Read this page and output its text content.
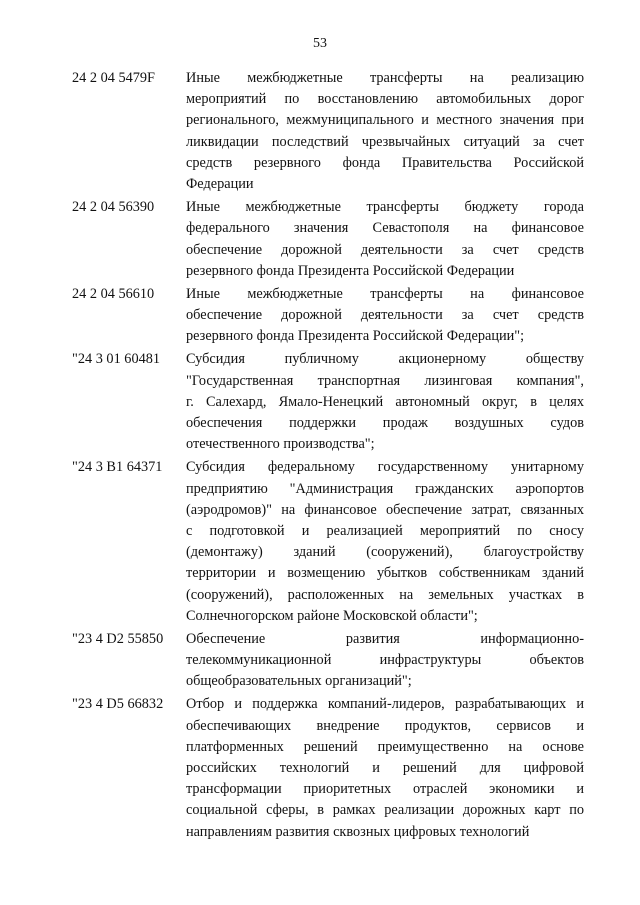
53
24 2 04 5479F	Иные межбюджетные трансферты на реализацию
мероприятий по восстановлению автомобильных дорог
регионального, межмуниципального и местного значения при
ликвидации последствий чрезвычайных ситуаций за счет
средств резервного фонда Правительства Российской
Федерации
24 2 04 56390	Иные межбюджетные трансферты бюджету города
федерального значения Севастополя на финансовое
обеспечение дорожной деятельности за счет средств
резервного фонда Президента Российской Федерации
24 2 04 56610	Иные межбюджетные трансферты на финансовое
обеспечение дорожной деятельности за счет средств
резервного фонда Президента Российской Федерации";
"24 3 01 60481	Субсидия публичному акционерному обществу
"Государственная транспортная лизинговая компания",
г. Салехард, Ямало-Ненецкий автономный округ, в целях
обеспечения поддержки продаж воздушных судов
отечественного производства";
"24 3 В1 64371	Субсидия федеральному государственному унитарному
предприятию "Администрация гражданских аэропортов
(аэродромов)" на финансовое обеспечение затрат, связанных
с подготовкой и реализацией мероприятий по сносу
(демонтажу) зданий (сооружений), благоустройству
территории и возмещению убытков собственникам зданий
(сооружений), расположенных на земельных участках в
Солнечногорском районе Московской области";
"23 4 D2 55850	Обеспечение развития информационно-
телекоммуникационной инфраструктуры объектов
общеобразовательных организаций";
"23 4 D5 66832	Отбор и поддержка компаний-лидеров, разрабатывающих и
обеспечивающих внедрение продуктов, сервисов и
платформенных решений преимущественно на основе
российских технологий и решений для цифровой
трансформации приоритетных отраслей экономики и
социальной сферы, в рамках реализации дорожных карт по
направлениям развития сквозных цифровых технологий
